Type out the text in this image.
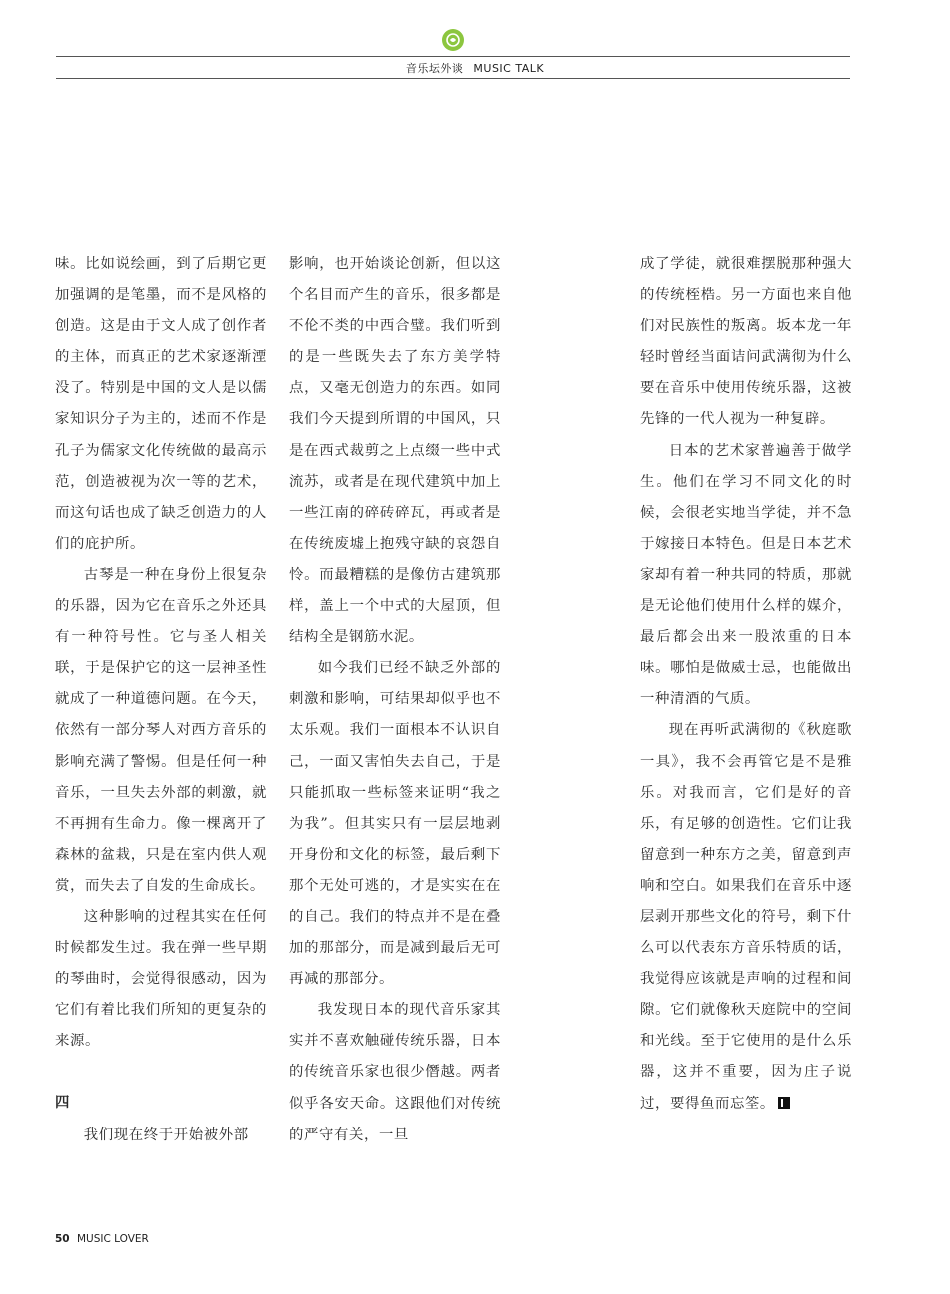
音乐坛外谈 MUSIC TALK

味。比如说绘画，到了后期它更加强调的是笔墨，而不是风格的创造。这是由于文人成了创作者的主体，而真正的艺术家逐渐湮没了。特别是中国的文人是以儒家知识分子为主的，述而不作是孔子为儒家文化传统做的最高示范，创造被视为次一等的艺术，而这句话也成了缺乏创造力的人们的庇护所。

古琴是一种在身份上很复杂的乐器，因为它在音乐之外还具有一种符号性。它与圣人相关联，于是保护它的这一层神圣性就成了一种道德问题。在今天，依然有一部分琴人对西方音乐的影响充满了警惕。但是任何一种音乐，一旦失去外部的刺激，就不再拥有生命力。像一棵离开了森林的盆栽，只是在室内供人观赏，而失去了自发的生命成长。

这种影响的过程其实在任何时候都发生过。我在弹一些早期的琴曲时，会觉得很感动，因为它们有着比我们所知的更复杂的来源。

四

我们现在终于开始被外部

影响，也开始谈论创新，但以这个名目而产生的音乐，很多都是不伦不类的中西合璧。我们听到的是一些既失去了东方美学特点，又毫无创造力的东西。如同我们今天提到所谓的中国风，只是在西式裁剪之上点缀一些中式流苏，或者是在现代建筑中加上一些江南的碎砖碎瓦，再或者是在传统废墟上抱残守缺的哀怨自怜。而最糟糕的是像仿古建筑那样，盖上一个中式的大屋顶，但结构全是钢筋水泥。

如今我们已经不缺乏外部的刺激和影响，可结果却似乎也不太乐观。我们一面根本不认识自己，一面又害怕失去自己，于是只能抓取一些标签来证明“我之为我”。但其实只有一层层地剥开身份和文化的标签，最后剩下那个无处可逃的，才是实实在在的自己。我们的特点并不是在叠加的那部分，而是减到最后无可再减的那部分。

我发现日本的现代音乐家其实并不喜欢触碰传统乐器，日本的传统音乐家也很少僭越。两者似乎各安天命。这跟他们对传统的严守有关，一旦

成了学徒，就很难摆脱那种强大的传统桎梏。另一方面也来自他们对民族性的叛离。坂本龙一年轻时曾经当面诘问武满彻为什么要在音乐中使用传统乐器，这被先锋的一代人视为一种复辟。

日本的艺术家普遍善于做学生。他们在学习不同文化的时候，会很老实地当学徒，并不急于嫁接日本特色。但是日本艺术家却有着一种共同的特质，那就是无论他们使用什么样的媒介，最后都会出来一股浓重的日本味。哪怕是做威士忌，也能做出一种清酒的气质。

现在再听武满彻的《秋庭歌一具》，我不会再管它是不是雅乐。对我而言，它们是好的音乐，有足够的创造性。它们让我留意到一种东方之美，留意到声响和空白。如果我们在音乐中逐层剥开那些文化的符号，剩下什么可以代表东方音乐特质的话，我觉得应该就是声响的过程和间隙。它们就像秋天庭院中的空间和光线。至于它使用的是什么乐器，这并不重要，因为庄子说过，要得鱼而忘筌。

50 MUSIC LOVER
